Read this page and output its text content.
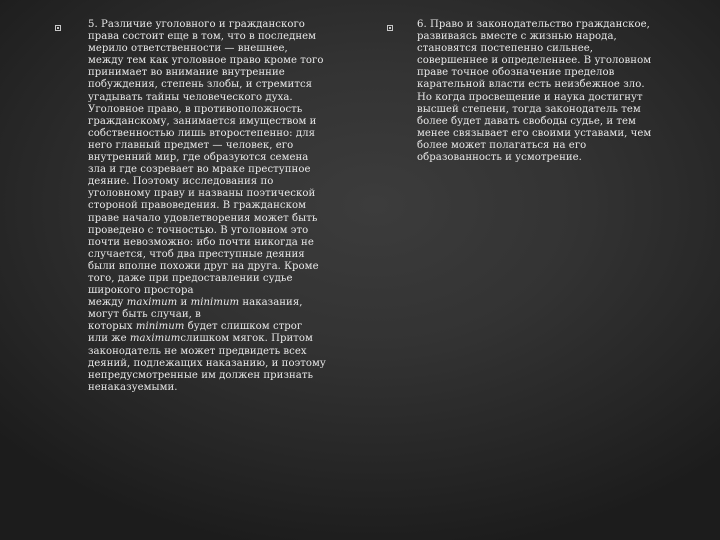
5. Различие уголовного и гражданского
права состоит еще в том, что в последнем
мерило ответственности — внешнее,
между тем как уголовное право кроме того
принимает во внимание внутренние
побуждения, степень злобы, и стремится
угадывать тайны человеческого духа.
Уголовное право, в противоположность
гражданскому, занимается имуществом и
собственностью лишь второстепенно: для
него главный предмет — человек, его
внутренний мир, где образуются семена
зла и где созревает во мраке преступное
деяние. Поэтому исследования по
уголовному праву и названы поэтической
стороной правоведения. В гражданском
праве начало удовлетворения может быть
проведено с точностью. В уголовном это
почти невозможно: ибо почти никогда не
случается, чтоб два преступные деяния
были вполне похожи друг на друга. Кроме
того, даже при предоставлении судье
широкого простора
между maximum и minimum наказания,
могут быть случаи, в
которых minimum будет слишком строг
или же maximumслишком мягок. Притом
законодатель не может предвидеть всех
деяний, подлежащих наказанию, и поэтому
непредусмотренные им должен признать
ненаказуемыми.
6. Право и законодательство гражданское,
развиваясь вместе с жизнью народа,
становятся постепенно сильнее,
совершеннее и определеннее. В уголовном
праве точное обозначение пределов
карательной власти есть неизбежное зло.
Но когда просвещение и наука достигнут
высшей степени, тогда законодатель тем
более будет давать свободы судье, и тем
менее связывает его своими уставами, чем
более может полагаться на его
образованность и усмотрение.
